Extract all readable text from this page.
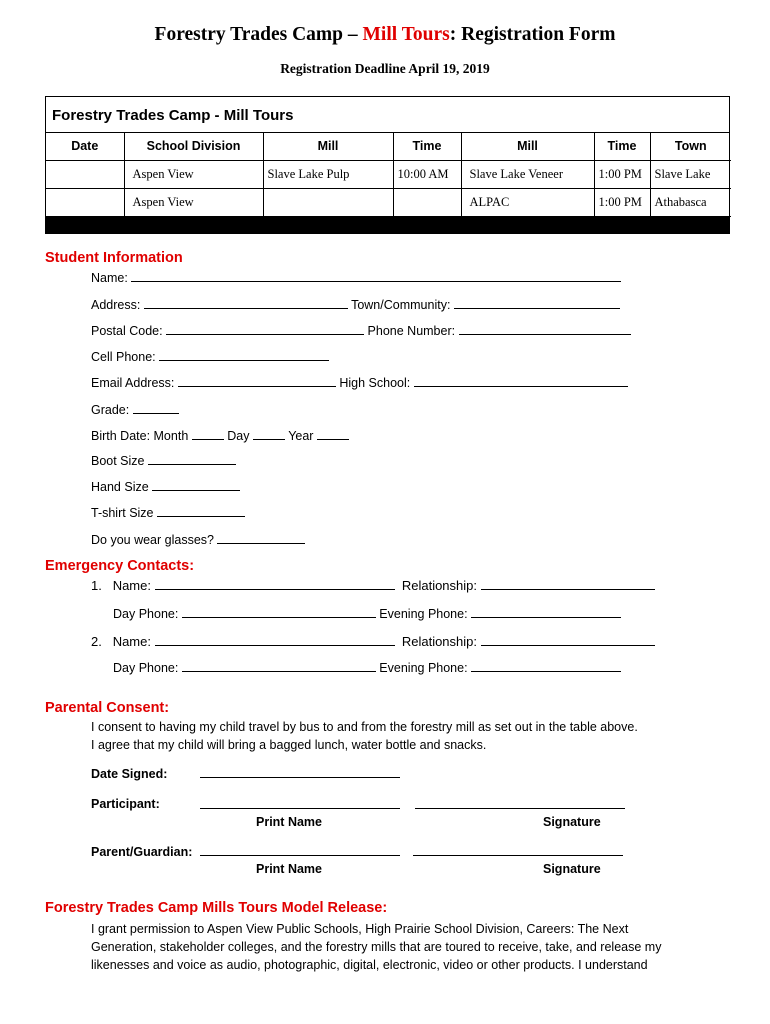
Forestry Trades Camp – Mill Tours: Registration Form
Registration Deadline April 19, 2019
Forestry Trades Camp - Mill Tours
Date	School Division	Mill	Time	Mill	Time	Town
	Aspen View	Slave Lake Pulp	10:00 AM	Slave Lake Veneer	1:00 PM	Slave Lake
	Aspen View			ALPAC	1:00 PM	Athabasca
Student Information
Name:
Address:	Town/Community:
Postal Code:	Phone Number:
Cell Phone:
Email Address:	High School:
Grade:
Birth Date: Month	Day	Year
Boot Size
Hand Size
T-shirt Size
Do you wear glasses?
Emergency Contacts:
1. Name:	Relationship:
Day Phone:	Evening Phone:
2. Name:	Relationship:
Day Phone:	Evening Phone:
Parental Consent:
I consent to having my child travel by bus to and from the forestry mill as set out in the table above.
I agree that my child will bring a bagged lunch, water bottle and snacks.
Date Signed:
Participant:
Print Name	Signature
Parent/Guardian:
Print Name	Signature
Forestry Trades Camp Mills Tours Model Release:
I grant permission to Aspen View Public Schools, High Prairie School Division, Careers: The Next
Generation, stakeholder colleges, and the forestry mills that are toured to receive, take, and release my
likenesses and voice as audio, photographic, digital, electronic, video or other products. I understand
